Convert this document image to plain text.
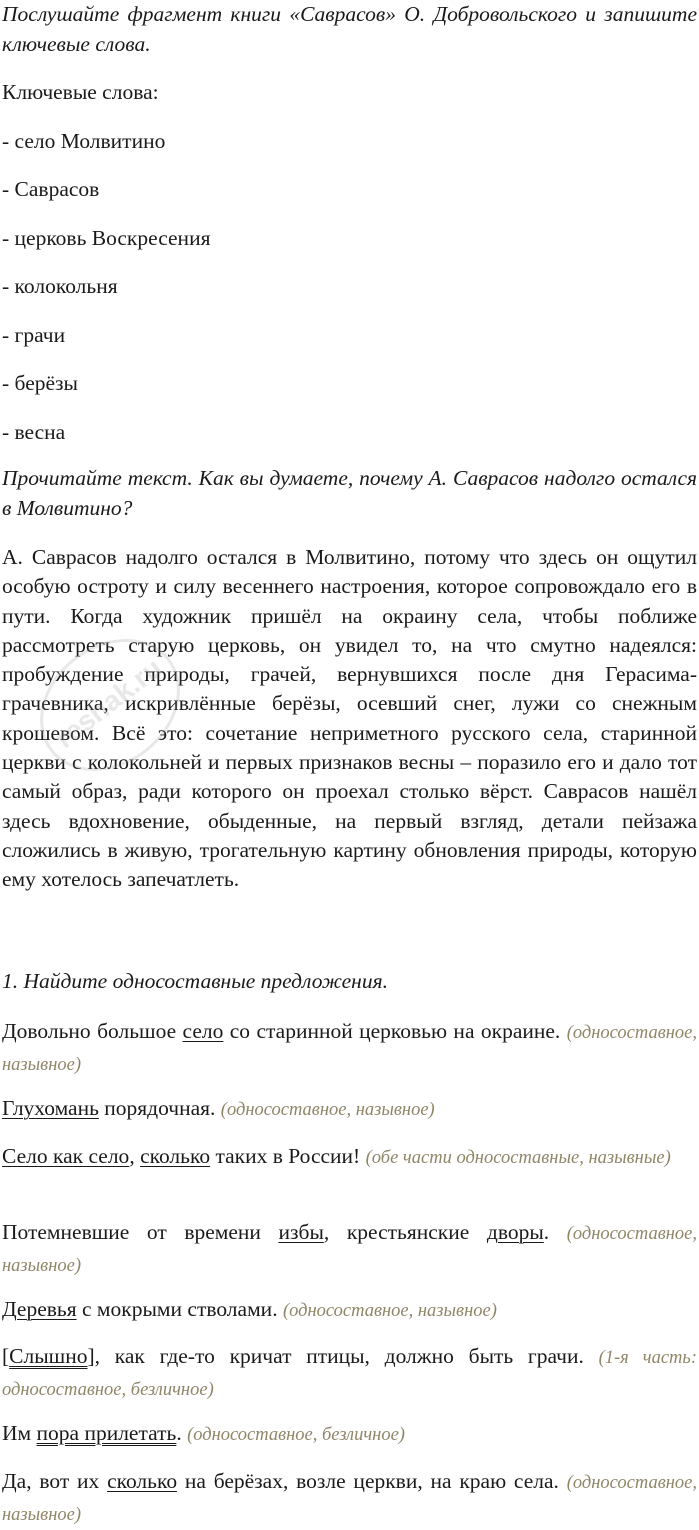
Послушайте фрагмент книги «Саврасов» О. Добровольского и запишите ключевые слова.

Ключевые слова:

- село Молвитино

- Саврасов

- церковь Воскресения

- колокольня

- грачи

- берёзы

- весна

Прочитайте текст. Как вы думаете, почему А. Саврасов надолго остался в Молвитино?

А. Саврасов надолго остался в Молвитино, потому что здесь он ощутил особую остроту и силу весеннего настроения, которое сопровождало его в пути. Когда художник пришёл на окраину села, чтобы поближе рассмотреть старую церковь, он увидел то, на что смутно надеялся: пробуждение природы, грачей, вернувшихся после дня Герасима-грачевника, искривлённые берёзы, осевший снег, лужи со снежным крошевом. Всё это: сочетание неприметного русского села, старинной церкви с колокольней и первых признаков весны – поразило его и дало тот самый образ, ради которого он проехал столько вёрст. Саврасов нашёл здесь вдохновение, обыденные, на первый взгляд, детали пейзажа сложились в живую, трогательную картину обновления природы, которую ему хотелось запечатлеть.

1. Найдите односоставные предложения.

Довольно большое село со старинной церковью на окраине. (односоставное, назывное)

Глухомань порядочная. (односоставное, назывное)

Село как село, сколько таких в России! (обе части односоставные, назывные)

Потемневшие от времени избы, крестьянские дворы. (односоставное, назывное)

Деревья с мокрыми стволами. (односоставное, назывное)

[Слышно], как где-то кричат птицы, должно быть грачи. (1-я часть: односоставное, безличное)

Им пора прилетать. (односоставное, безличное)

Да, вот их сколько на берёзах, возле церкви, на краю села. (односоставное, назывное)

reshak.ru
